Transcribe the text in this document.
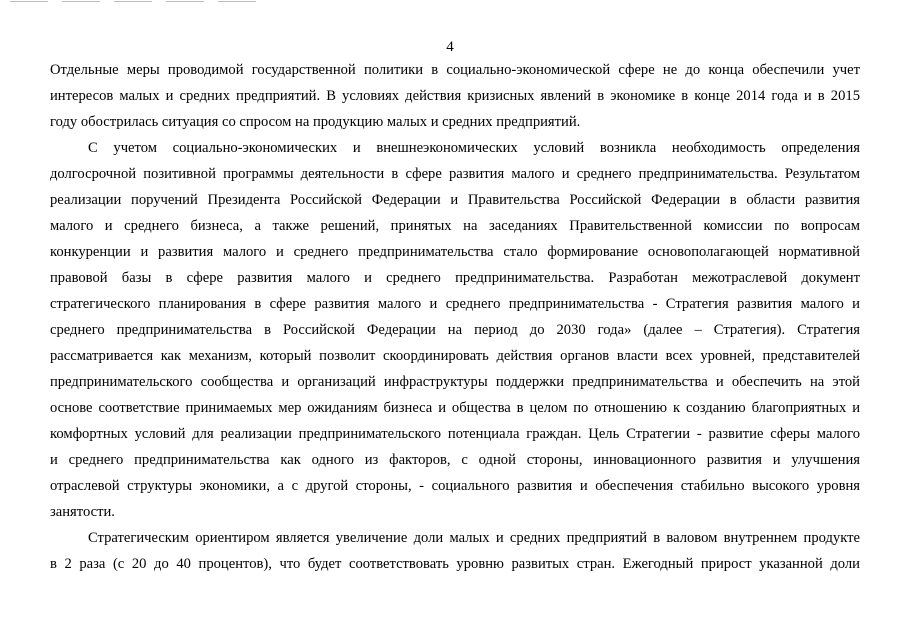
4
Отдельные меры проводимой государственной политики в социально-экономической сфере не до конца обеспечили учет
интересов малых и средних предприятий. В условиях действия кризисных явлений в экономике в конце 2014 года и в 2015
году обострилась ситуация со спросом на продукцию малых и средних предприятий.
С учетом социально-экономических и внешнеэкономических условий возникла необходимость определения
долгосрочной позитивной программы деятельности в сфере развития малого и среднего предпринимательства. Результатом
реализации поручений Президента Российской Федерации и Правительства Российской Федерации в области развития
малого и среднего бизнеса, а также решений, принятых на заседаниях Правительственной комиссии по вопросам
конкуренции и развития малого и среднего предпринимательства стало формирование основополагающей нормативной
правовой базы в сфере развития малого и среднего предпринимательства. Разработан межотраслевой документ
стратегического планирования в сфере развития малого и среднего предпринимательства - Стратегия развития малого и
среднего предпринимательства в Российской Федерации на период до 2030 года» (далее – Стратегия). Стратегия
рассматривается как механизм, который позволит скоординировать действия органов власти всех уровней, представителей
предпринимательского сообщества и организаций инфраструктуры поддержки предпринимательства и обеспечить на этой
основе соответствие принимаемых мер ожиданиям бизнеса и общества в целом по отношению к созданию благоприятных и
комфортных условий для реализации предпринимательского потенциала граждан. Цель Стратегии - развитие сферы малого
и среднего предпринимательства как одного из факторов, с одной стороны, инновационного развития и улучшения
отраслевой структуры экономики, а с другой стороны, - социального развития и обеспечения стабильно высокого уровня
занятости.
Стратегическим ориентиром является увеличение доли малых и средних предприятий в валовом внутреннем продукте
в 2 раза (с 20 до 40 процентов), что будет соответствовать уровню развитых стран. Ежегодный прирост указанной доли
